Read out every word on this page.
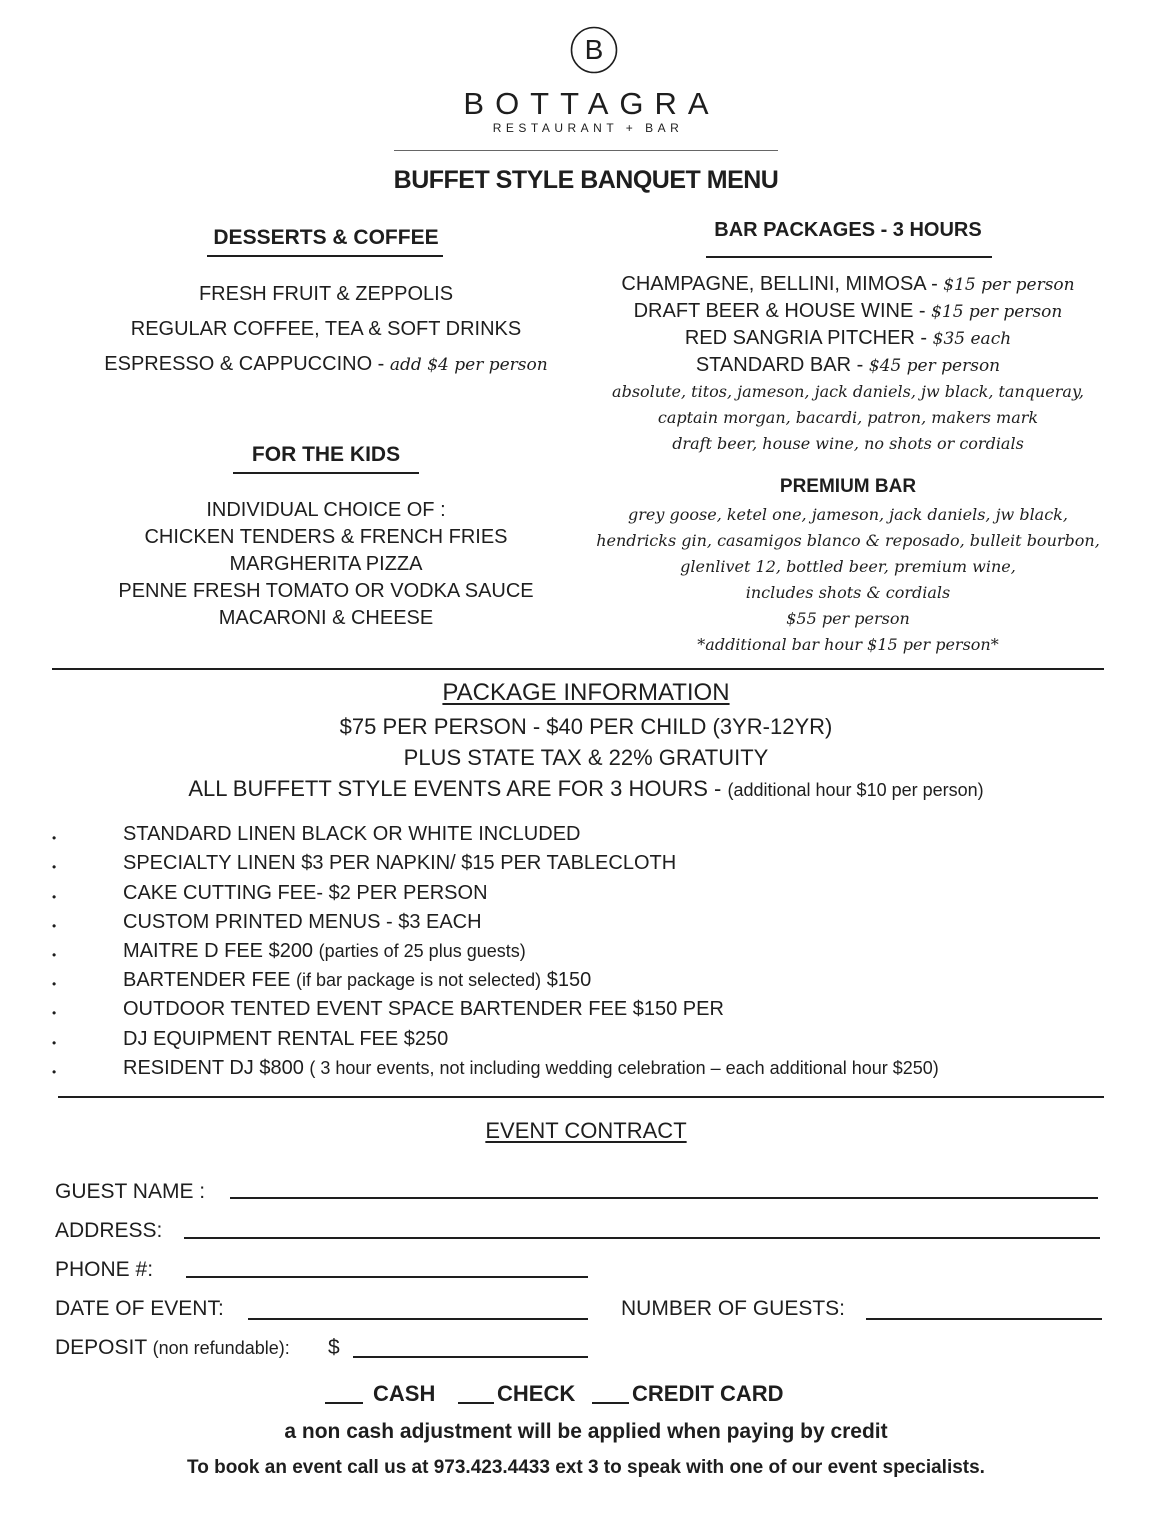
B
BOTTAGRA
RESTAURANT + BAR
BUFFET STYLE BANQUET MENU
DESSERTS & COFFEE
FRESH FRUIT & ZEPPOLIS
REGULAR COFFEE, TEA & SOFT DRINKS
ESPRESSO & CAPPUCCINO - add $4 per person
FOR THE KIDS
INDIVIDUAL CHOICE OF :
CHICKEN TENDERS & FRENCH FRIES
MARGHERITA PIZZA
PENNE FRESH TOMATO OR VODKA SAUCE
MACARONI & CHEESE
BAR PACKAGES - 3 HOURS
CHAMPAGNE, BELLINI, MIMOSA - $15 per person
DRAFT BEER & HOUSE WINE - $15 per person
RED SANGRIA PITCHER - $35 each
STANDARD BAR - $45 per person
absolute, titos, jameson, jack daniels, jw black, tanqueray,
captain morgan, bacardi, patron, makers mark
draft beer, house wine, no shots or cordials
PREMIUM BAR
grey goose, ketel one, jameson, jack daniels, jw black,
hendricks gin, casamigos blanco & reposado, bulleit bourbon,
glenlivet 12, bottled beer, premium wine,
includes shots & cordials
$55 per person
*additional bar hour $15 per person*
PACKAGE INFORMATION
$75 PER PERSON - $40 PER CHILD (3YR-12YR)
PLUS STATE TAX & 22% GRATUITY
ALL BUFFETT STYLE EVENTS ARE FOR 3 HOURS - (additional hour $10 per person)
•	STANDARD LINEN BLACK OR WHITE INCLUDED
•	SPECIALTY LINEN $3 PER NAPKIN/ $15 PER TABLECLOTH
•	CAKE CUTTING FEE- $2 PER PERSON
•	CUSTOM PRINTED MENUS - $3 EACH
•	MAITRE D FEE $200 (parties of 25 plus guests)
•	BARTENDER FEE (if bar package is not selected) $150
•	OUTDOOR TENTED EVENT SPACE BARTENDER FEE $150 PER
•	DJ EQUIPMENT RENTAL FEE $250
•	RESIDENT DJ $800 ( 3 hour events, not including wedding celebration – each additional hour $250)
EVENT CONTRACT
GUEST NAME :
ADDRESS:
PHONE #:
DATE OF EVENT:	NUMBER OF GUESTS:
DEPOSIT (non refundable): $
CASH	CHECK	CREDIT CARD
a non cash adjustment will be applied when paying by credit
To book an event call us at 973.423.4433 ext 3 to speak with one of our event specialists.
